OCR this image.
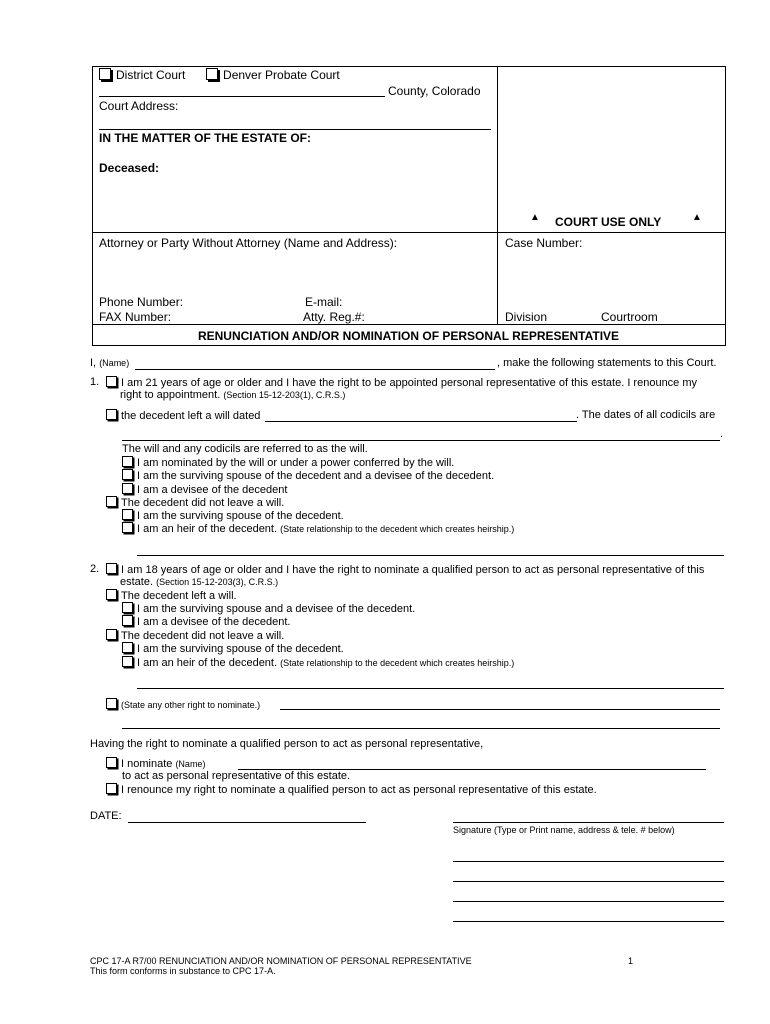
District Court	Denver Probate Court
County, Colorado
Court Address:
IN THE MATTER OF THE ESTATE OF:
Deceased:
▲ COURT USE ONLY	▲
Attorney or Party Without Attorney (Name and Address):	Case Number:
Phone Number:	E-mail:
FAX Number:	Atty. Reg.#:	Division	Courtroom
RENUNCIATION AND/OR NOMINATION OF PERSONAL REPRESENTATIVE
I, (Name)	, make the following statements to this Court.
1.	I am 21 years of age or older and I have the right to be appointed personal representative of this estate. I renounce my
right to appointment. (Section 15-12-203(1), C.R.S.)
the decedent left a will dated	. The dates of all codicils are
.
The will and any codicils are referred to as the will.
I am nominated by the will or under a power conferred by the will.
I am the surviving spouse of the decedent and a devisee of the decedent.
I am a devisee of the decedent
The decedent did not leave a will.
I am the surviving spouse of the decedent.
I am an heir of the decedent. (State relationship to the decedent which creates heirship.)
2.	I am 18 years of age or older and I have the right to nominate a qualified person to act as personal representative of this
estate. (Section 15-12-203(3), C.R.S.)
The decedent left a will.
I am the surviving spouse and a devisee of the decedent.
I am a devisee of the decedent.
The decedent did not leave a will.
I am the surviving spouse of the decedent.
I am an heir of the decedent. (State relationship to the decedent which creates heirship.)
(State any other right to nominate.)
Having the right to nominate a qualified person to act as personal representative,
I nominate (Name)
to act as personal representative of this estate.
I renounce my right to nominate a qualified person to act as personal representative of this estate.
DATE:
Signature (Type or Print name, address & tele. # below)
CPC 17-A R7/00 RENUNCIATION AND/OR NOMINATION OF PERSONAL REPRESENTATIVE	1
This form conforms in substance to CPC 17-A.
